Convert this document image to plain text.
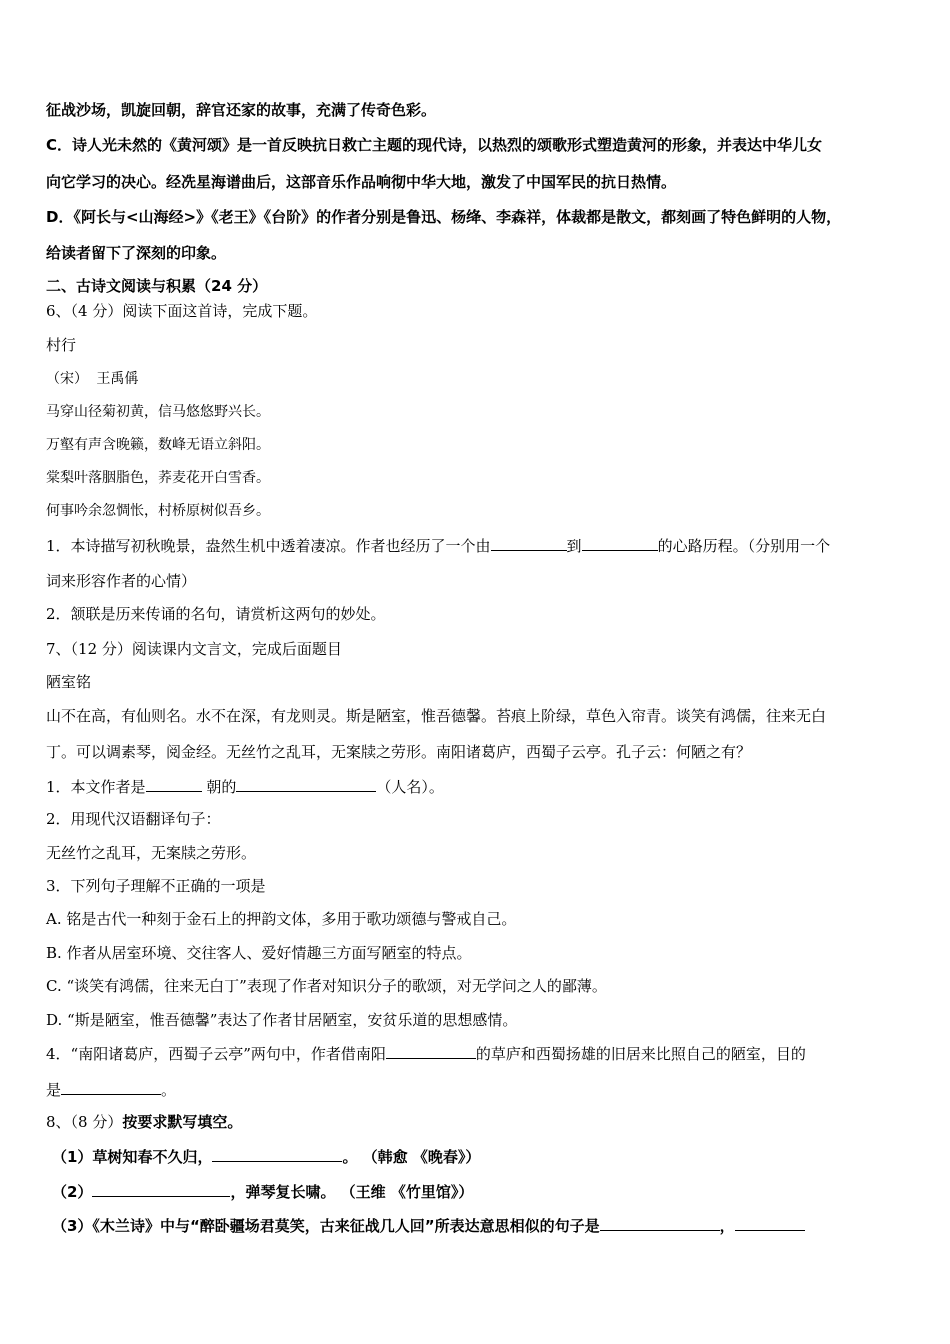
征战沙场，凯旋回朝，辞官还家的故事，充满了传奇色彩。
C．诗人光未然的《黄河颂》是一首反映抗日救亡主题的现代诗，以热烈的颂歌形式塑造黄河的形象，并表达中华儿女
向它学习的决心。经冼星海谱曲后，这部音乐作品响彻中华大地，激发了中国军民的抗日热情。
D．《阿长与<山海经>》《老王》《台阶》的作者分别是鲁迅、杨绛、李森祥，体裁都是散文，都刻画了特色鲜明的人物，
给读者留下了深刻的印象。
二、古诗文阅读与积累（24 分）
6、（4 分）阅读下面这首诗，完成下题。
村行
（宋） 王禹偁
马穿山径菊初黄，信马悠悠野兴长。
万壑有声含晚籁，数峰无语立斜阳。
棠梨叶落胭脂色，荞麦花开白雪香。
何事吟余忽惆怅，村桥原树似吾乡。
1．本诗描写初秋晚景，盎然生机中透着凄凉。作者也经历了一个由	到	的心路历程。（分别用一个
词来形容作者的心情）
2．颔联是历来传诵的名句，请赏析这两句的妙处。
7、（12 分）阅读课内文言文，完成后面题目
陋室铭
山不在高，有仙则名。水不在深，有龙则灵。斯是陋室，惟吾德馨。苔痕上阶绿，草色入帘青。谈笑有鸿儒，往来无白
丁。可以调素琴，阅金经。无丝竹之乱耳，无案牍之劳形。南阳诸葛庐，西蜀子云亭。孔子云：何陋之有？
1．本文作者是	朝的	（人名）。
2．用现代汉语翻译句子：
无丝竹之乱耳，无案牍之劳形。
3．下列句子理解不正确的一项是
A. 铭是古代一种刻于金石上的押韵文体，多用于歌功颂德与警戒自己。
B. 作者从居室环境、交往客人、爱好情趣三方面写陋室的特点。
C. “谈笑有鸿儒，往来无白丁”表现了作者对知识分子的歌颂，对无学问之人的鄙薄。
D. “斯是陋室，惟吾德馨”表达了作者甘居陋室，安贫乐道的思想感情。
4．“南阳诸葛庐，西蜀子云亭”两句中，作者借南阳	的草庐和西蜀扬雄的旧居来比照自己的陋室，目的
是	。
8、（8 分）按要求默写填空。
（1）草树知春不久归，	。 （韩愈 《晚春》）
（2）	，弹琴复长啸。 （王维 《竹里馆》）
（3）《木兰诗》中与“醉卧疆场君莫笑，古来征战几人回”所表达意思相似的句子是	，
